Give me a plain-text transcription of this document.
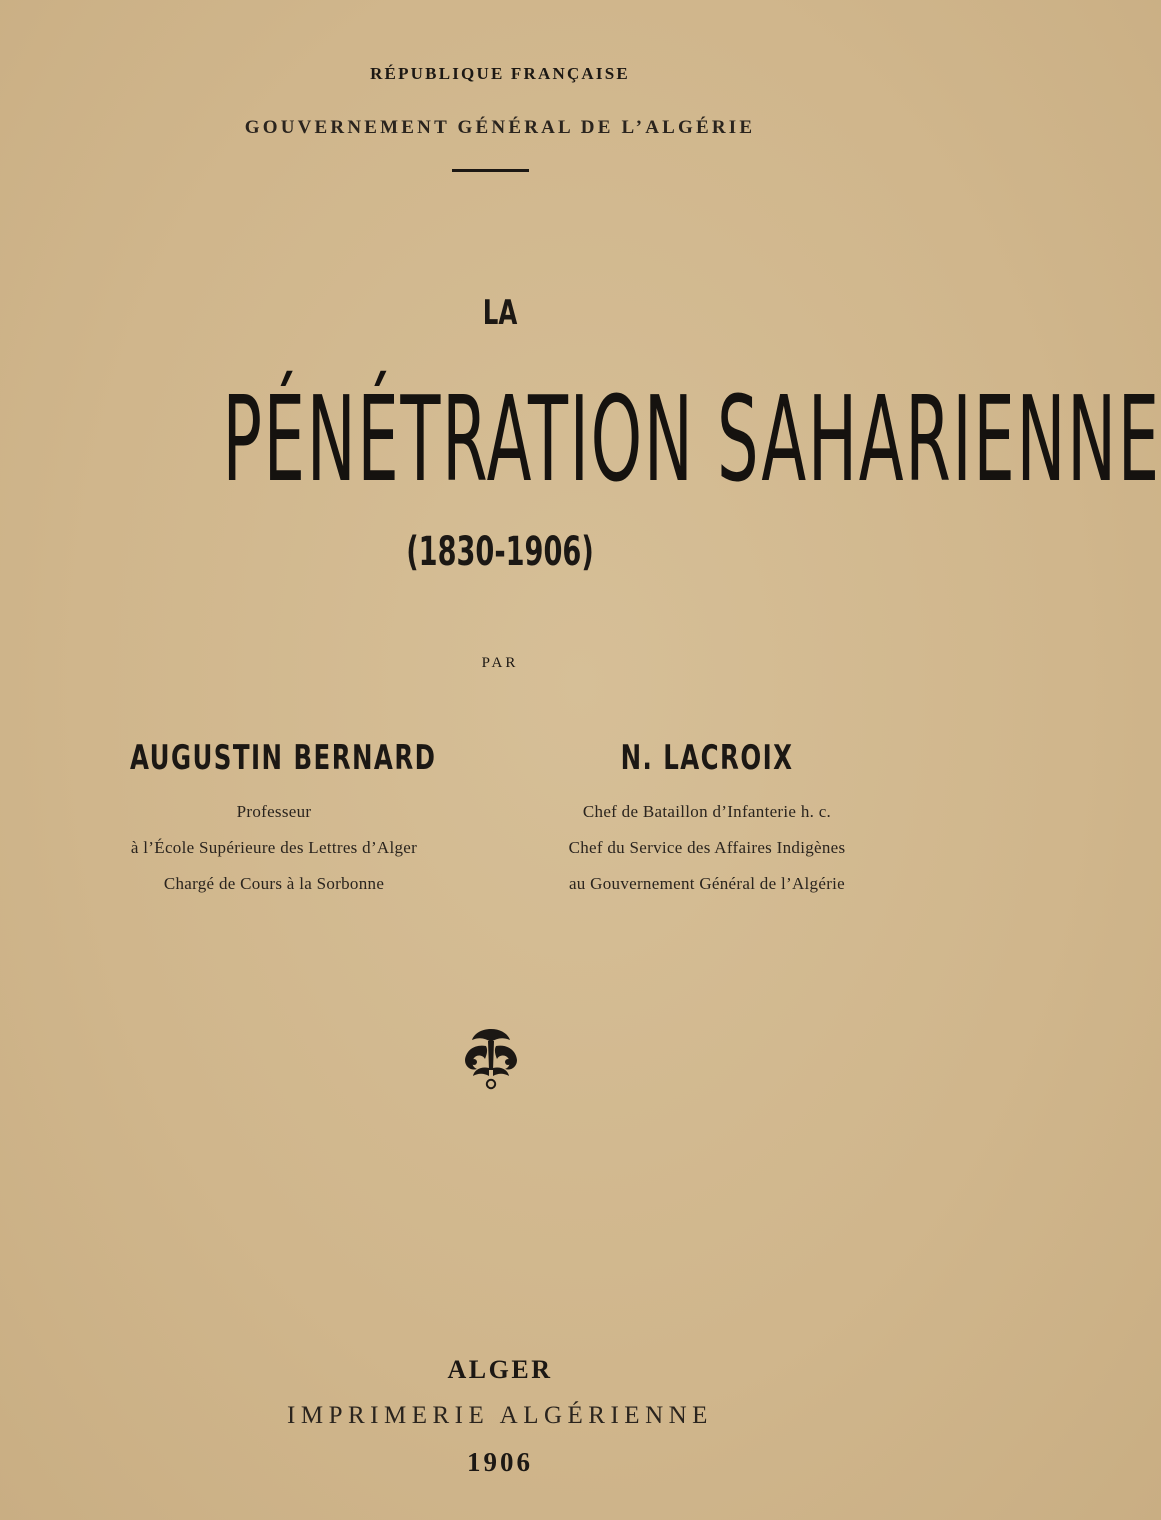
RÉPUBLIQUE FRANÇAISE
GOUVERNEMENT GÉNÉRAL DE L’ALGÉRIE
LA
PÉNÉTRATION SAHARIENNE
(1830-1906)
PAR
AUGUSTIN BERNARD
Professeur
à l’École Supérieure des Lettres d’Alger
Chargé de Cours à la Sorbonne
N. LACROIX
Chef de Bataillon d’Infanterie h. c.
Chef du Service des Affaires Indigènes
au Gouvernement Général de l’Algérie
ALGER
IMPRIMERIE ALGÉRIENNE
1906
